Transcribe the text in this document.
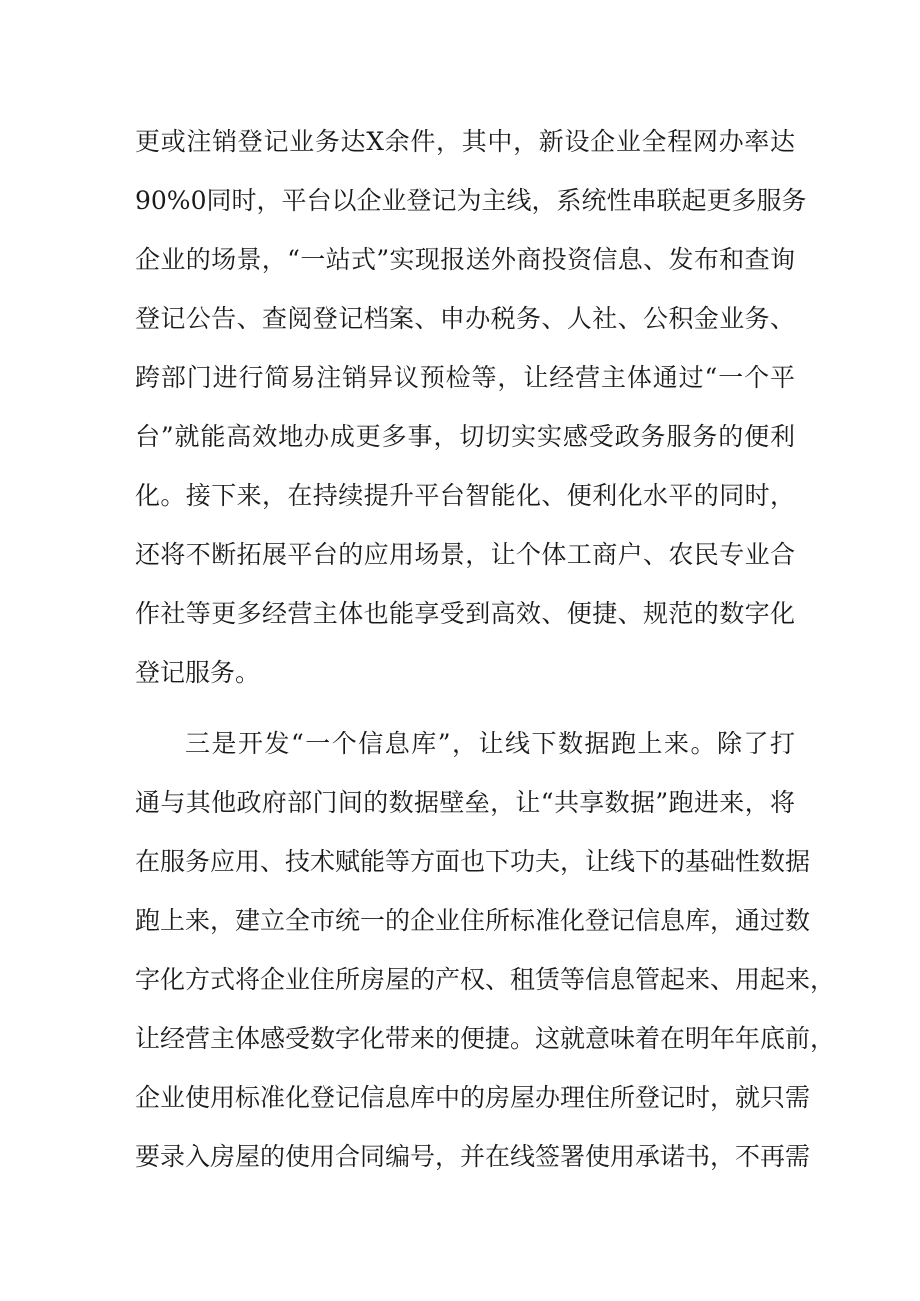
更或注销登记业务达X余件，其中，新设企业全程网办率达
90%0同时，平台以企业登记为主线，系统性串联起更多服务
企业的场景，“一站式”实现报送外商投资信息、发布和查询
登记公告、查阅登记档案、申办税务、人社、公积金业务、
跨部门进行简易注销异议预检等，让经营主体通过“一个平
台”就能高效地办成更多事，切切实实感受政务服务的便利
化。接下来，在持续提升平台智能化、便利化水平的同时，
还将不断拓展平台的应用场景，让个体工商户、农民专业合
作社等更多经营主体也能享受到高效、便捷、规范的数字化
登记服务。
三是开发“一个信息库”，让线下数据跑上来。除了打
通与其他政府部门间的数据壁垒，让“共享数据”跑进来，将
在服务应用、技术赋能等方面也下功夫，让线下的基础性数据
跑上来，建立全市统一的企业住所标准化登记信息库，通过数
字化方式将企业住所房屋的产权、租赁等信息管起来、用起来，
让经营主体感受数字化带来的便捷。这就意味着在明年年底前，
企业使用标准化登记信息库中的房屋办理住所登记时，就只需
要录入房屋的使用合同编号，并在线签署使用承诺书，不再需
